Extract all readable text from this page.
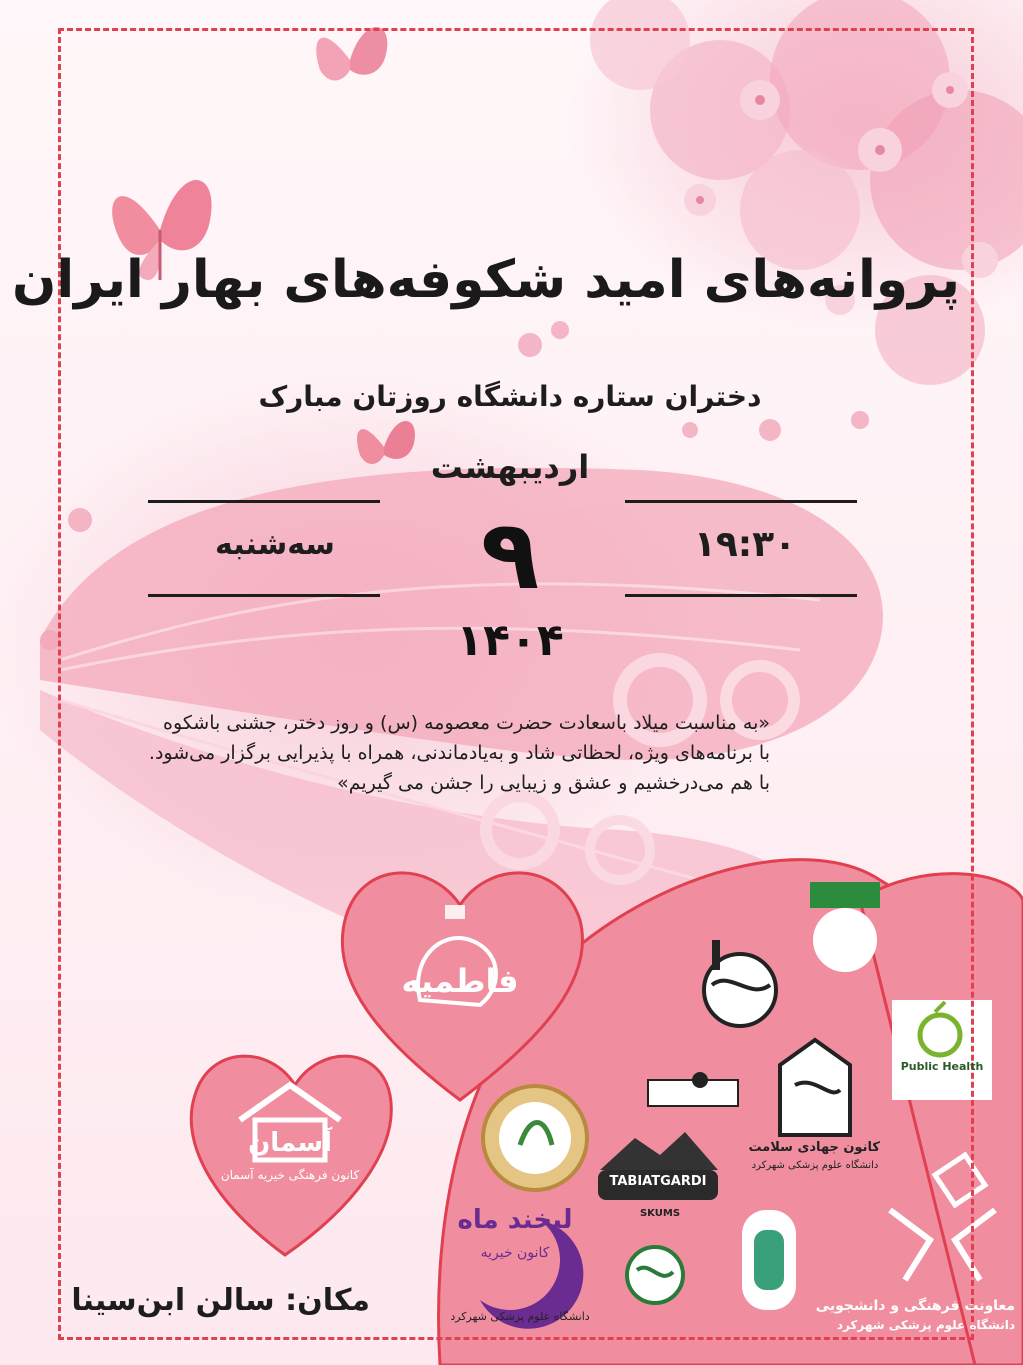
پروانه‌های امید شکوفه‌های بهار ایران
دختران ستاره دانشگاه روزتان مبارک
اردیبهشت
سه‌شنبه	۹	۱۹:۳۰
۱۴۰۴
«به مناسبت میلاد باسعادت حضرت معصومه (س) و روز دختر، جشنی باشکوه
با برنامه‌های ویژه، لحظاتی شاد و به‌یادماندنی، همراه با پذیرایی برگزار می‌شود.
با هم می‌درخشیم و عشق و زیبایی را جشن می گیریم»
فاطمیه
آسمان
کانون فرهنگی خیریه آسمان
لبخند ماه
کانون خیریه
دانشگاه علوم پزشکی شهرکرد
TABIATGARDI
SKUMS
Public Health
کانون جهادی سلامت
دانشگاه علوم پزشکی شهرکرد
معاونت فرهنگی و دانشجویی
دانشگاه علوم پزشکی شهرکرد
مکان: سالن ابن‌سینا
